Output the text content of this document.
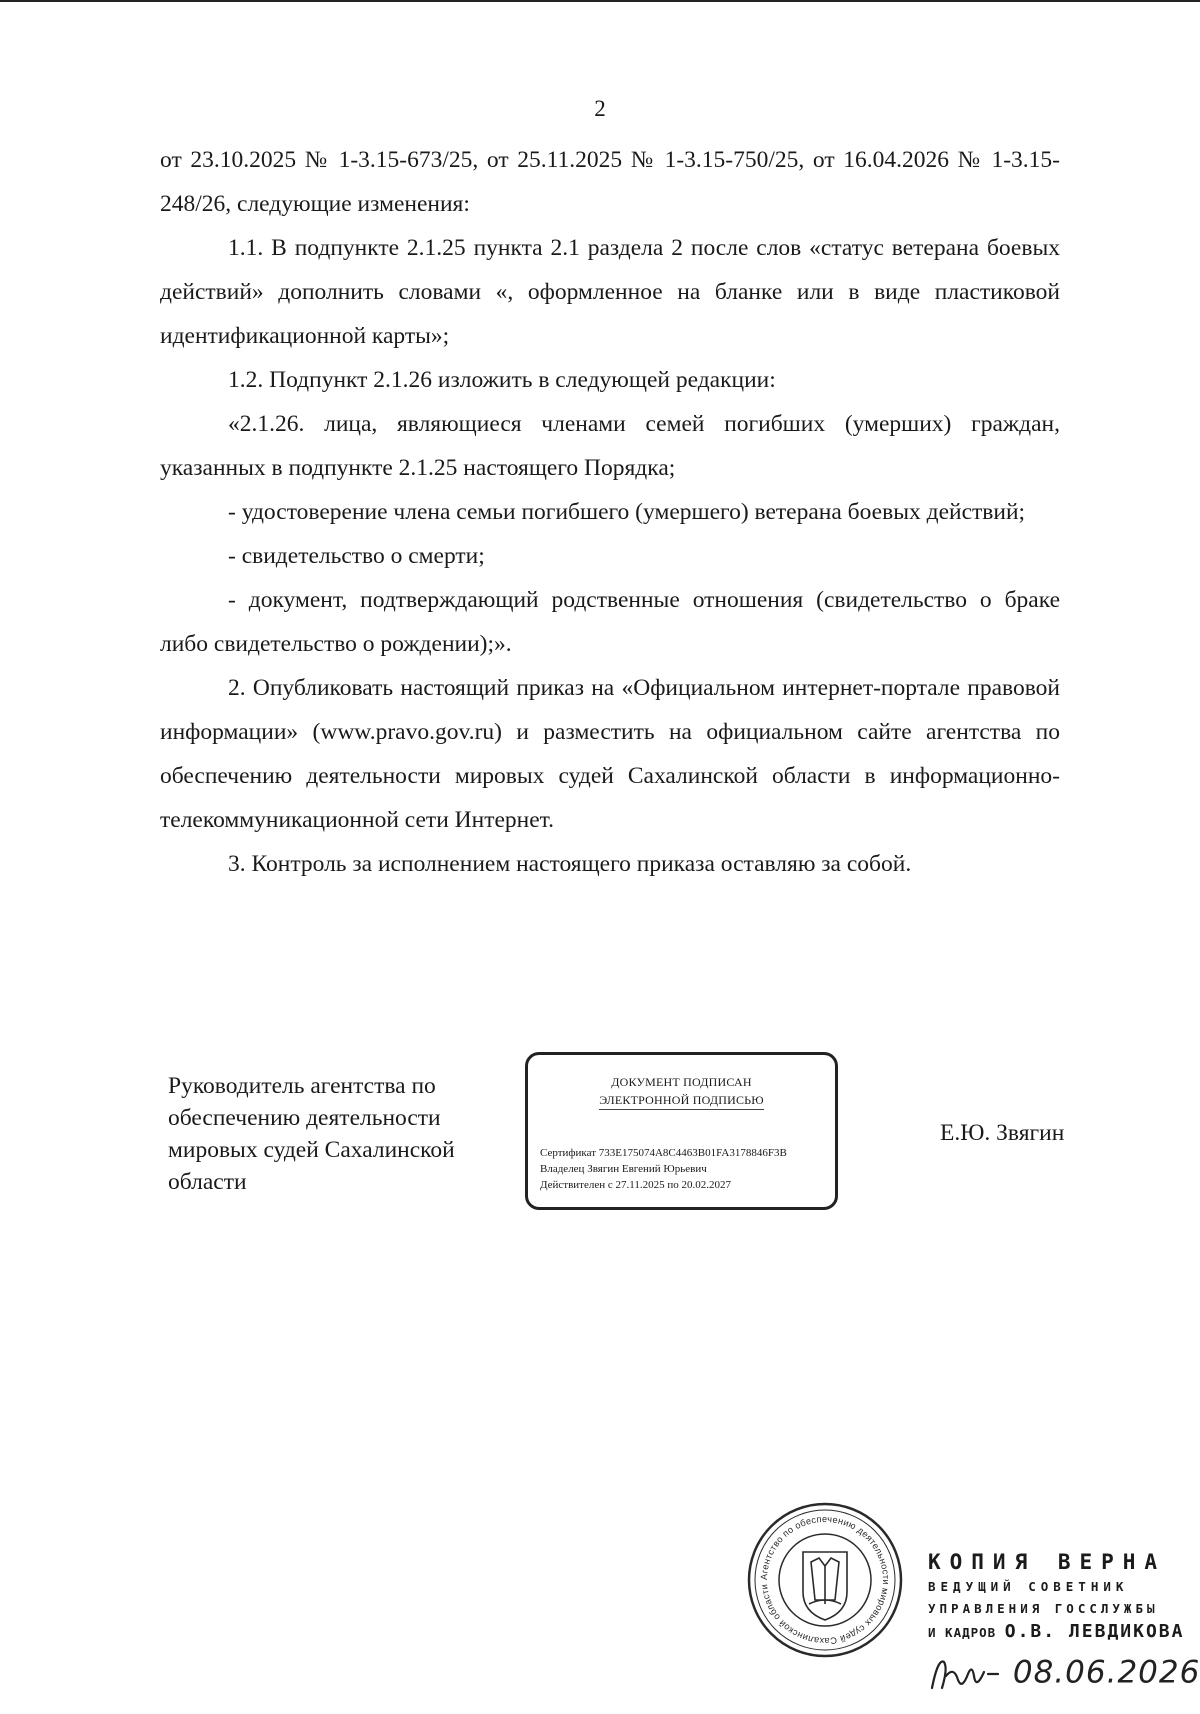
2

от 23.10.2025 № 1-3.15-673/25, от 25.11.2025 № 1-3.15-750/25, от 16.04.2026 № 1-3.15-248/26, следующие изменения:

1.1. В подпункте 2.1.25 пункта 2.1 раздела 2 после слов «статус ветерана боевых действий» дополнить словами «, оформленное на бланке или в виде пластиковой идентификационной карты»;

1.2. Подпункт 2.1.26 изложить в следующей редакции:

«2.1.26. лица, являющиеся членами семей погибших (умерших) граждан, указанных в подпункте 2.1.25 настоящего Порядка;

- удостоверение члена семьи погибшего (умершего) ветерана боевых действий;

- свидетельство о смерти;

- документ, подтверждающий родственные отношения (свидетельство о браке либо свидетельство о рождении);».

2. Опубликовать настоящий приказ на «Официальном интернет-портале правовой информации» (www.pravo.gov.ru) и разместить на официальном сайте агентства по обеспечению деятельности мировых судей Сахалинской области в информационно-телекоммуникационной сети Интернет.

3. Контроль за исполнением настоящего приказа оставляю за собой.

Руководитель агентства по
обеспечению деятельности
мировых судей Сахалинской
области
ДОКУМЕНТ ПОДПИСАН
ЭЛЕКТРОННОЙ ПОДПИСЬЮ
Сертификат 733E175074A8C4463B01FA3178846F3B
Владелец Звягин Евгений Юрьевич
Действителен с 27.11.2025 по 20.02.2027
Е.Ю. Звягин
Агентство по обеспечению деятельности мировых судей Сахалинской области
КОПИЯ ВЕРНА
ВЕДУЩИЙ СОВЕТНИК
УПРАВЛЕНИЯ ГОССЛУЖБЫ
И КАДРОВ О.В. ЛЕВДИКОВА
08.06.2026
